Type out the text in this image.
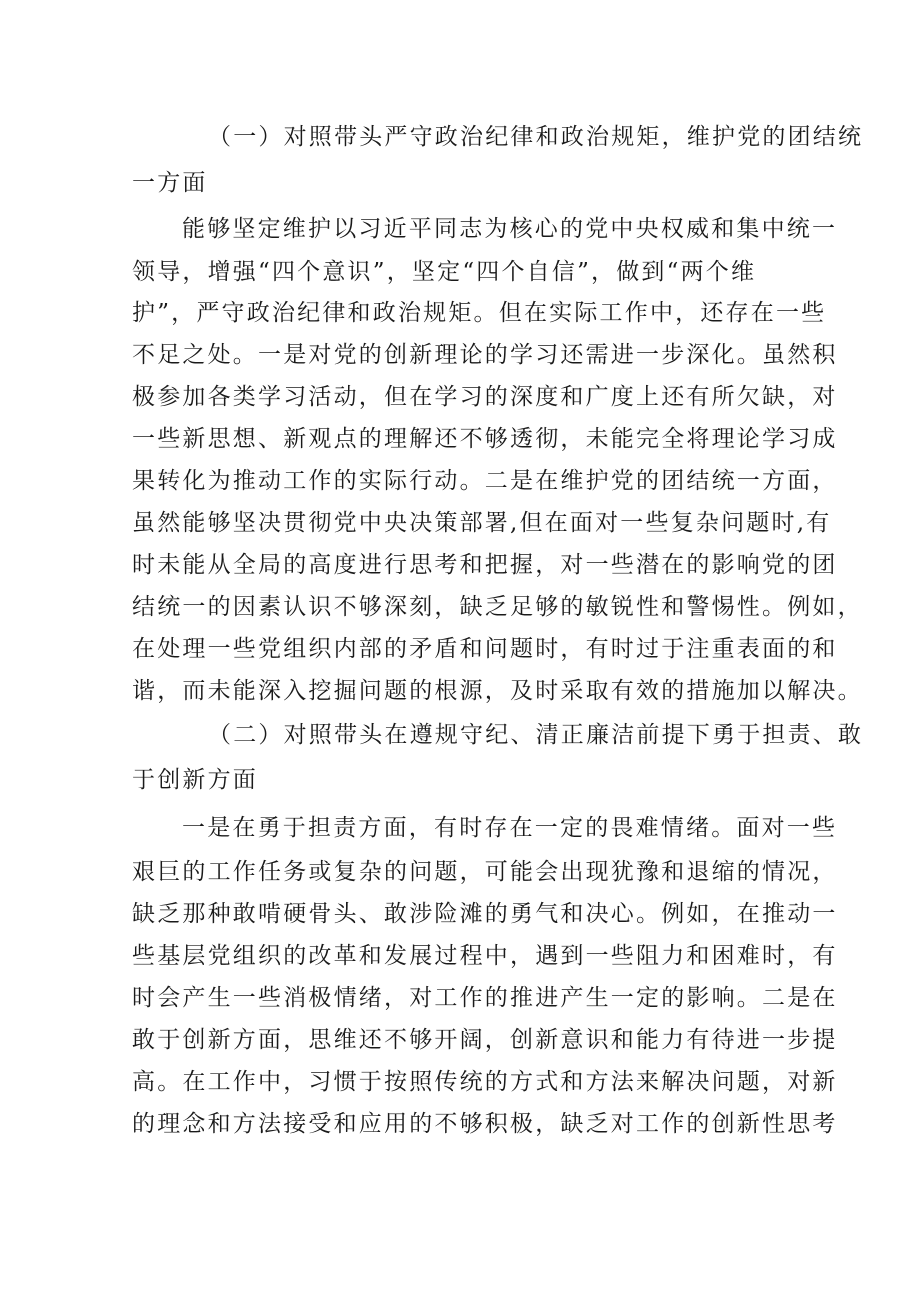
（一）对照带头严守政治纪律和政治规矩，维护党的团结统
一方面
能够坚定维护以习近平同志为核心的党中央权威和集中统一
领导，增强“四个意识”，坚定“四个自信”，做到“两个维
护”，严守政治纪律和政治规矩。但在实际工作中，还存在一些
不足之处。一是对党的创新理论的学习还需进一步深化。虽然积
极参加各类学习活动，但在学习的深度和广度上还有所欠缺，对
一些新思想、新观点的理解还不够透彻，未能完全将理论学习成
果转化为推动工作的实际行动。二是在维护党的团结统一方面，
虽然能够坚决贯彻党中央决策部署,但在面对一些复杂问题时,有
时未能从全局的高度进行思考和把握，对一些潜在的影响党的团
结统一的因素认识不够深刻，缺乏足够的敏锐性和警惕性。例如，
在处理一些党组织内部的矛盾和问题时，有时过于注重表面的和
谐，而未能深入挖掘问题的根源，及时采取有效的措施加以解决。
（二）对照带头在遵规守纪、清正廉洁前提下勇于担责、敢
于创新方面
一是在勇于担责方面，有时存在一定的畏难情绪。面对一些
艰巨的工作任务或复杂的问题，可能会出现犹豫和退缩的情况，
缺乏那种敢啃硬骨头、敢涉险滩的勇气和决心。例如，在推动一
些基层党组织的改革和发展过程中，遇到一些阻力和困难时，有
时会产生一些消极情绪，对工作的推进产生一定的影响。二是在
敢于创新方面，思维还不够开阔，创新意识和能力有待进一步提
高。在工作中，习惯于按照传统的方式和方法来解决问题，对新
的理念和方法接受和应用的不够积极，缺乏对工作的创新性思考
